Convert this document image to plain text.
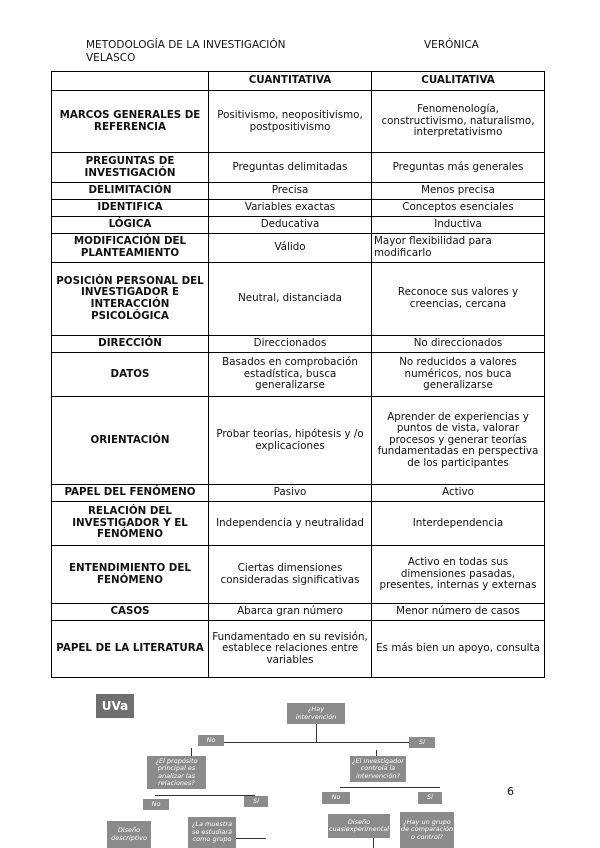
METODOLOGÍA DE LA INVESTIGACIÓN VELASCO
VERÓNICA
	CUANTITATIVA	CUALITATIVA
MARCOS GENERALES DE REFERENCIA	Positivismo, neopositivismo, postpositivismo	Fenomenología, constructivismo, naturalismo, interpretativismo
PREGUNTAS DE INVESTIGACIÓN	Preguntas delimitadas	Preguntas más generales
DELIMITACIÓN	Precisa	Menos precisa
IDENTIFICA	Variables exactas	Conceptos esenciales
LÓGICA	Deducativa	Inductiva
MODIFICACIÓN DEL PLANTEAMIENTO	Válido	Mayor flexibilidad para modificarlo
POSICIÓN PERSONAL DEL INVESTIGADOR E INTERACCIÓN PSICOLÓGICA	Neutral, distanciada	Reconoce sus valores y creencias, cercana
DIRECCIÓN	Direccionados	No direccionados
DATOS	Basados en comprobación estadística, busca generalizarse	No reducidos a valores numéricos, nos buca generalizarse
ORIENTACIÓN	Probar teorías, hipótesis y /o explicaciones	Aprender de experiencias y puntos de vista, valorar procesos y generar teorías fundamentadas en perspectiva de los participantes
PAPEL DEL FENÓMENO	Pasivo	Activo
RELACIÓN DEL INVESTIGADOR Y EL FENÓMENO	Independencia y neutralidad	Interdependencia
ENTENDIMIENTO DEL FENÓMENO	Ciertas dimensiones consideradas significativas	Activo en todas sus dimensiones pasadas, presentes, internas y externas
CASOS	Abarca gran número	Menor número de casos
PAPEL DE LA LITERATURA	Fundamentado en su revisión, establece relaciones entre variables	Es más bien un apoyo, consulta
UVa	¿Hay intervención
No	Sí
¿El propósito principal es analizar las relaciones?
¿El investigador controla la intervención?
No	Sí	No	Sí
Diseño descriptivo
¿La muestra se estudiará como grupo
Diseño cuasiexperimental
¿Hay un grupo de comparación o control?
6
